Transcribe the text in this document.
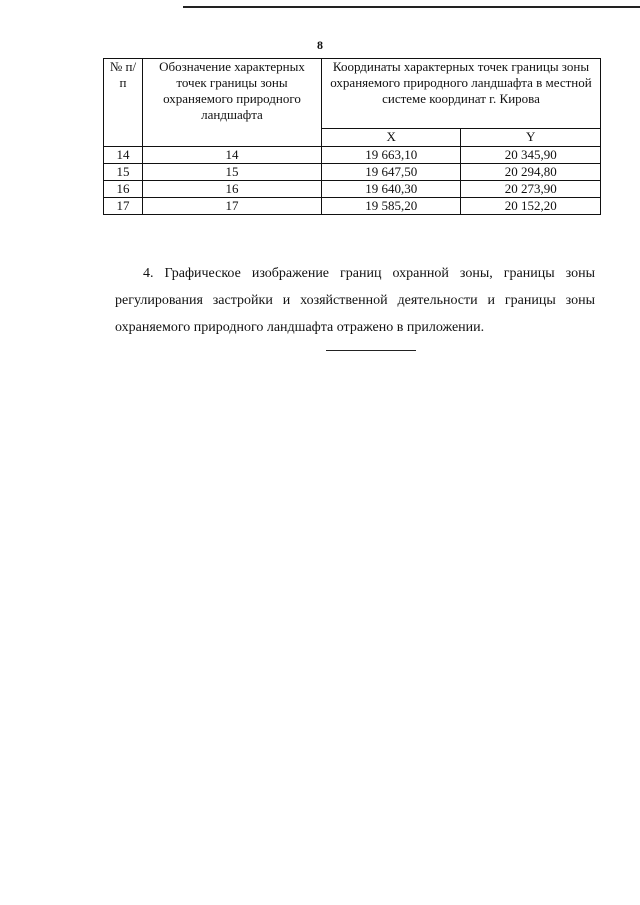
8
№ п/п	Обозначение характерных точек границы зоны охраняемого природного ландшафта	Координаты характерных точек границы зоны охраняемого природного ландшафта в местной системе координат г. Кирова	
		X	Y
14	14	19 663,10	20 345,90
15	15	19 647,50	20 294,80
16	16	19 640,30	20 273,90
17	17	19 585,20	20 152,20

4. Графическое изображение границ охранной зоны, границы зоны регулирования застройки и хозяйственной деятельности и границы зоны охраняемого природного ландшафта отражено в приложении.
